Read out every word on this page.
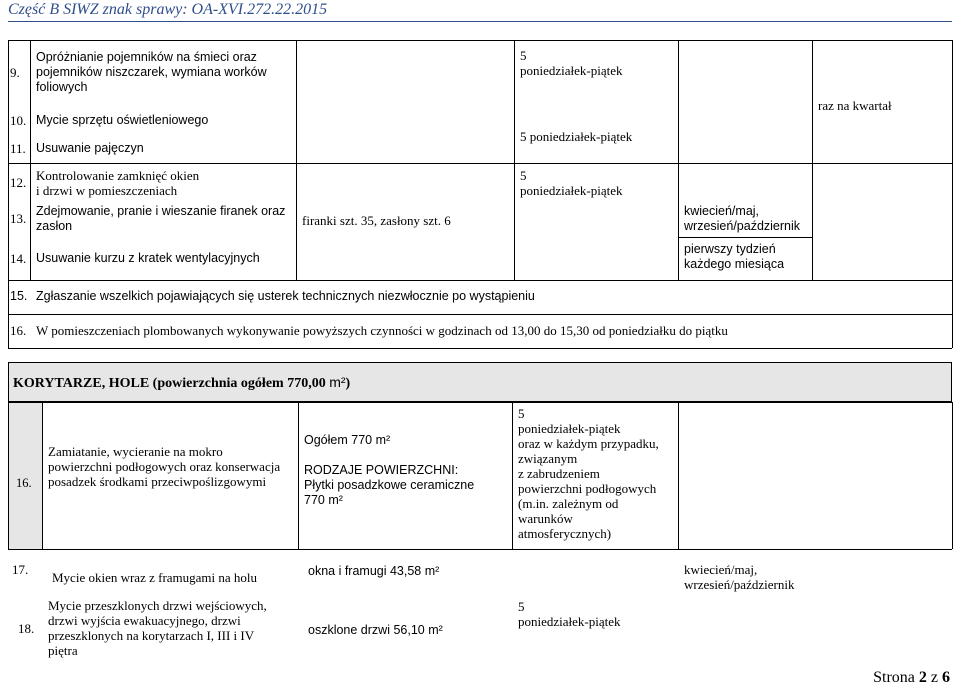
Część B SIWZ znak sprawy: OA-XVI.272.22.2015
9.
10.
11.
12.
13.
14.
Opróżnianie pojemników na śmieci oraz
pojemników niszczarek, wymiana worków
foliowych
Mycie sprzętu oświetleniowego
Usuwanie pajęczyn
Kontrolowanie zamknięć okien
i drzwi w pomieszczeniach
Zdejmowanie, pranie i wieszanie firanek oraz
zasłon
Usuwanie kurzu z kratek wentylacyjnych
firanki szt. 35, zasłony szt. 6
5
poniedziałek-piątek
5 poniedziałek-piątek
5
poniedziałek-piątek
raz na kwartał
kwiecień/maj,
wrzesień/październik
pierwszy tydzień
każdego miesiąca
15. Zgłaszanie wszelkich pojawiających się usterek technicznych niezwłocznie po wystąpieniu
16. W pomieszczeniach plombowanych wykonywanie powyższych czynności w godzinach od 13,00 do 15,30 od poniedziałku do piątku
KORYTARZE, HOLE (powierzchnia ogółem 770,00 m²)
16.
Zamiatanie, wycieranie na mokro
powierzchni podłogowych oraz konserwacja
posadzek środkami przeciwpoślizgowymi
Ogółem 770 m²

RODZAJE POWIERZCHNI:
Płytki posadzkowe ceramiczne
770 m²
5
poniedziałek-piątek
oraz w każdym przypadku,
związanym
z zabrudzeniem
powierzchni podłogowych
(m.in. zależnym od
warunków
atmosferycznych)
17.
Mycie okien wraz z framugami na holu	okna i framugi 43,58 m²	kwiecień/maj,
wrzesień/październik
18.
Mycie przeszklonych drzwi wejściowych,
drzwi wyjścia ewakuacyjnego, drzwi
przeszklonych na korytarzach I, III i IV
piętra
oszklone drzwi 56,10 m²
5
poniedziałek-piątek
Strona 2 z 6
